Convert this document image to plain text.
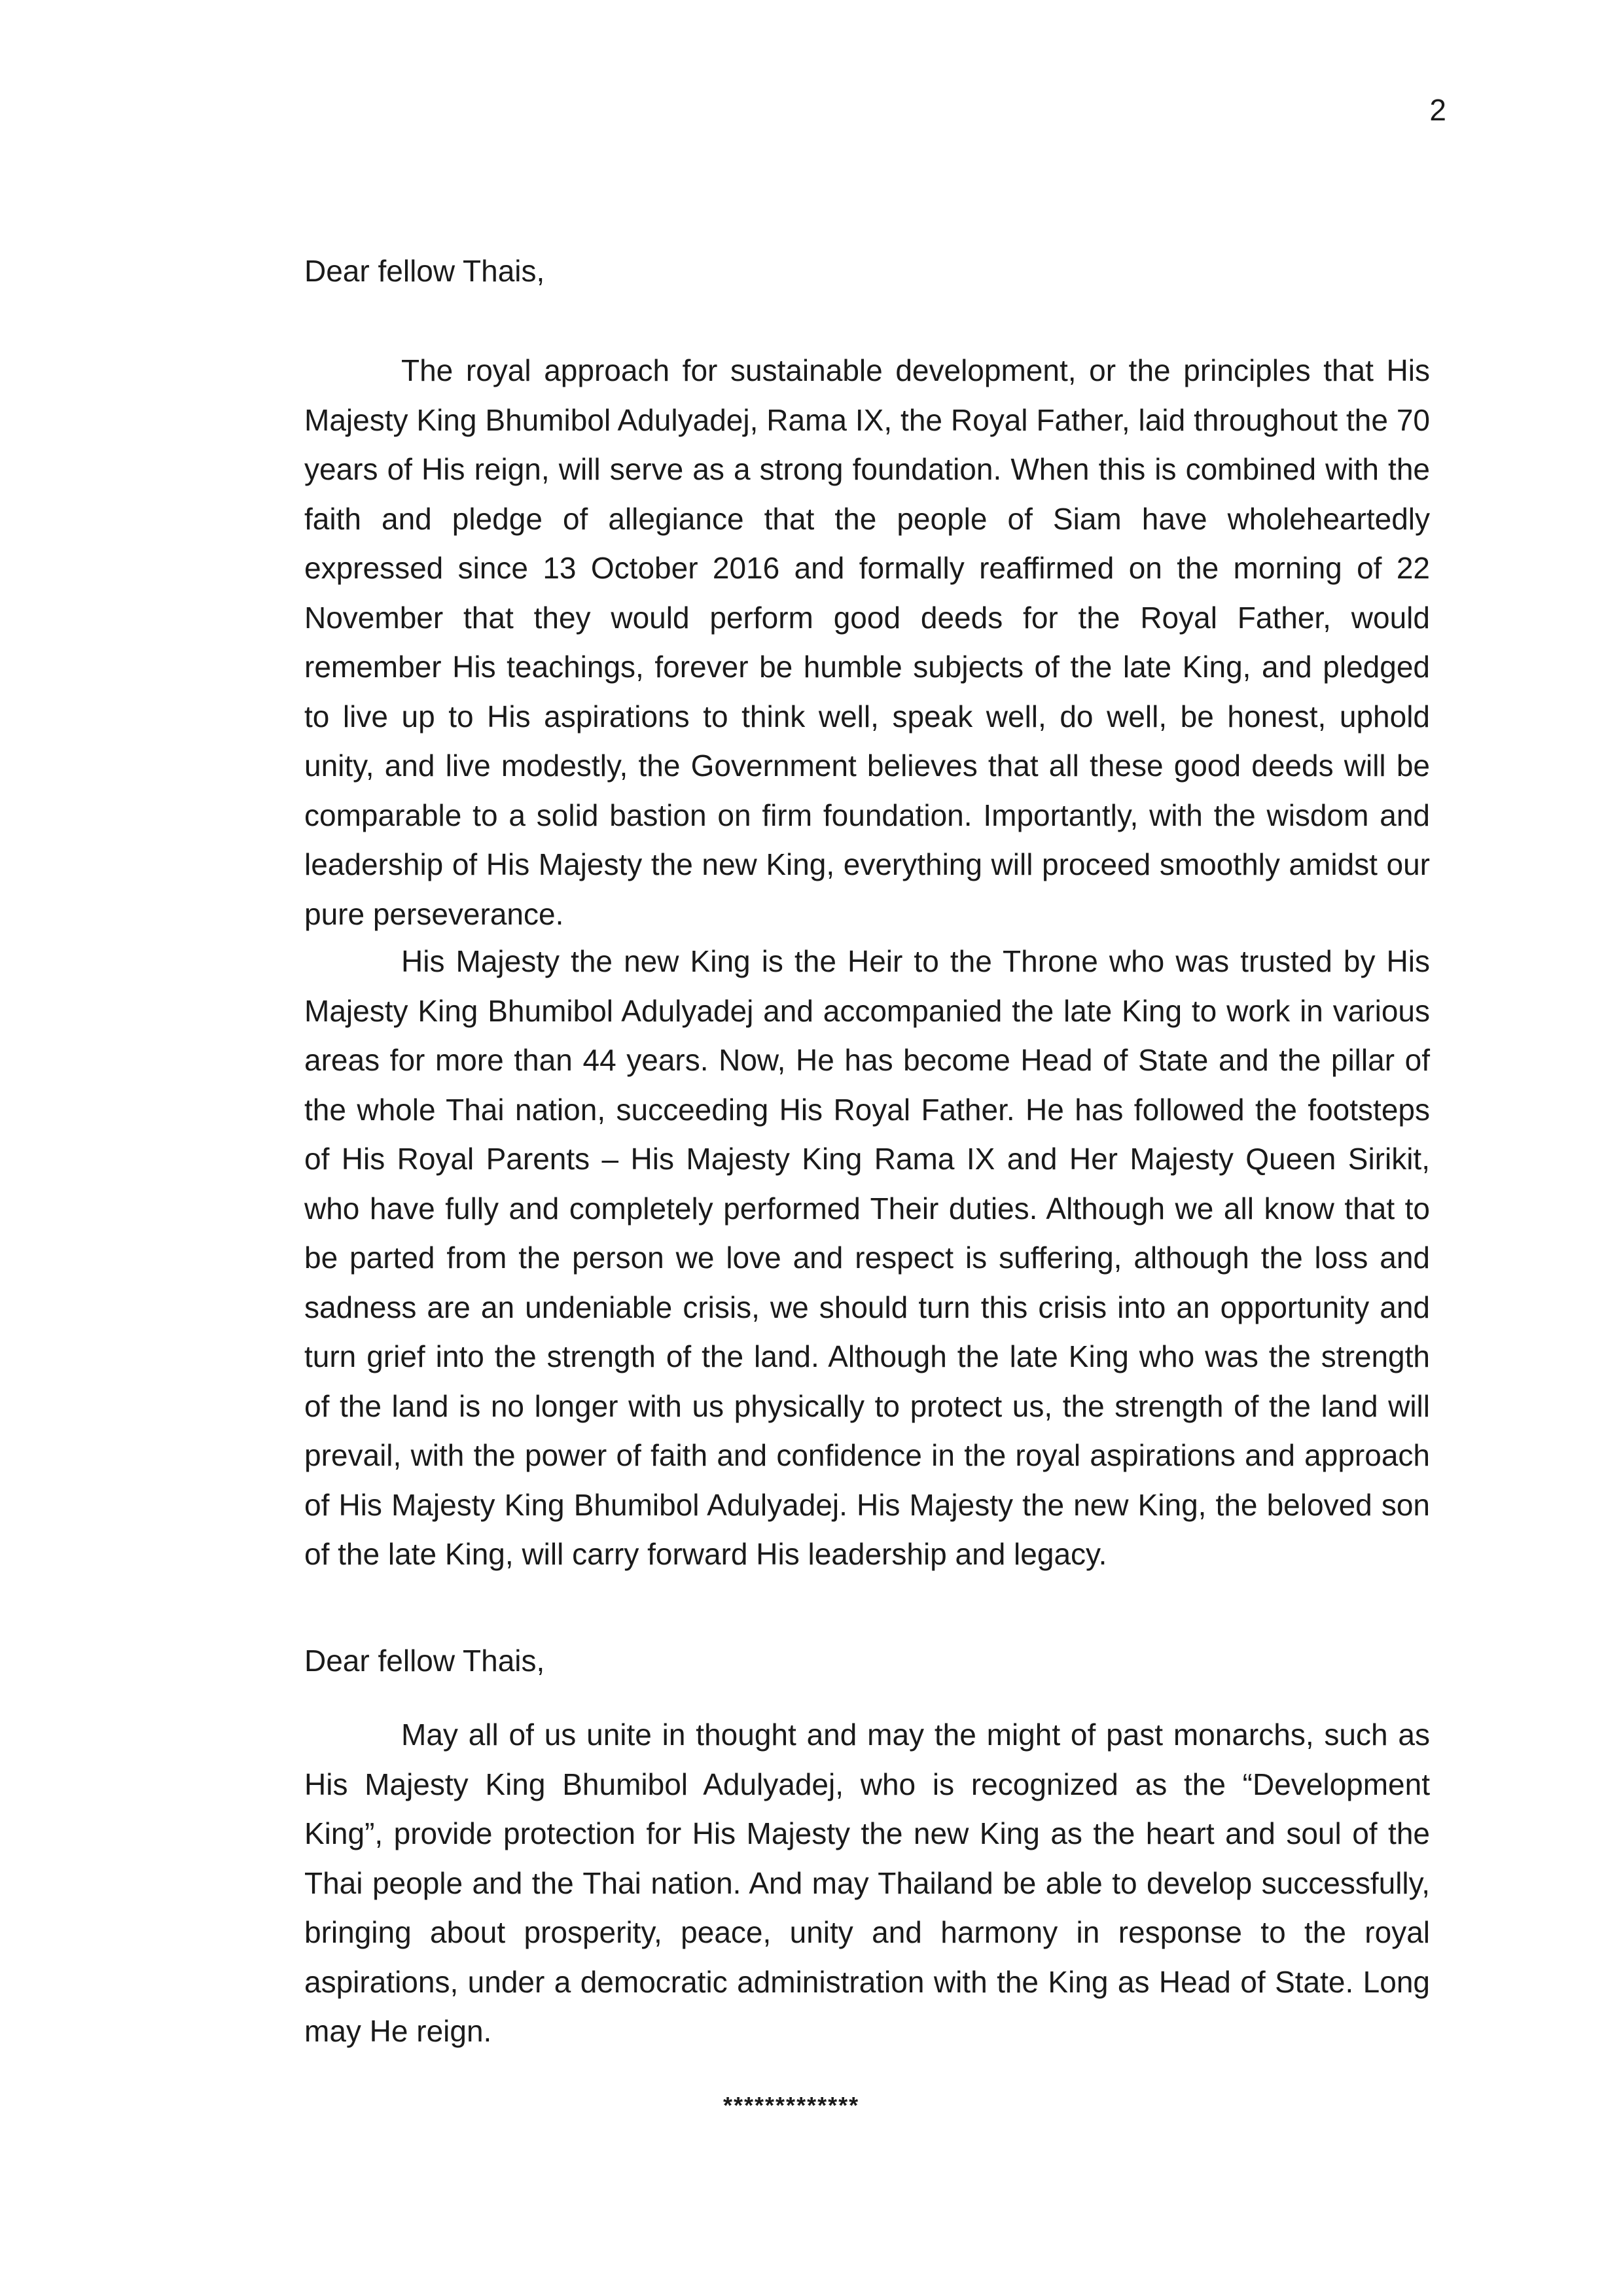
2

Dear fellow Thais,

The royal approach for sustainable development, or the principles that His Majesty King Bhumibol Adulyadej, Rama IX, the Royal Father, laid throughout the 70 years of His reign, will serve as a strong foundation. When this is combined with the faith and pledge of allegiance that the people of Siam have wholeheartedly expressed since 13 October 2016 and formally reaffirmed on the morning of 22 November that they would perform good deeds for the Royal Father, would remember His teachings, forever be humble subjects of the late King, and pledged to live up to His aspirations to think well, speak well, do well, be honest, uphold unity, and live modestly, the Government believes that all these good deeds will be comparable to a solid bastion on firm foundation. Importantly, with the wisdom and leadership of His Majesty the new King, everything will proceed smoothly amidst our pure perseverance.

His Majesty the new King is the Heir to the Throne who was trusted by His Majesty King Bhumibol Adulyadej and accompanied the late King to work in various areas for more than 44 years. Now, He has become Head of State and the pillar of the whole Thai nation, succeeding His Royal Father. He has followed the footsteps of His Royal Parents – His Majesty King Rama IX and Her Majesty Queen Sirikit, who have fully and completely performed Their duties. Although we all know that to be parted from the person we love and respect is suffering, although the loss and sadness are an undeniable crisis, we should turn this crisis into an opportunity and turn grief into the strength of the land. Although the late King who was the strength of the land is no longer with us physically to protect us, the strength of the land will prevail, with the power of faith and confidence in the royal aspirations and approach of His Majesty King Bhumibol Adulyadej. His Majesty the new King, the beloved son of the late King, will carry forward His leadership and legacy.

Dear fellow Thais,

May all of us unite in thought and may the might of past monarchs, such as His Majesty King Bhumibol Adulyadej, who is recognized as the “Development King”, provide protection for His Majesty the new King as the heart and soul of the Thai people and the Thai nation. And may Thailand be able to develop successfully, bringing about prosperity, peace, unity and harmony in response to the royal aspirations, under a democratic administration with the King as Head of State. Long may He reign.

*************
